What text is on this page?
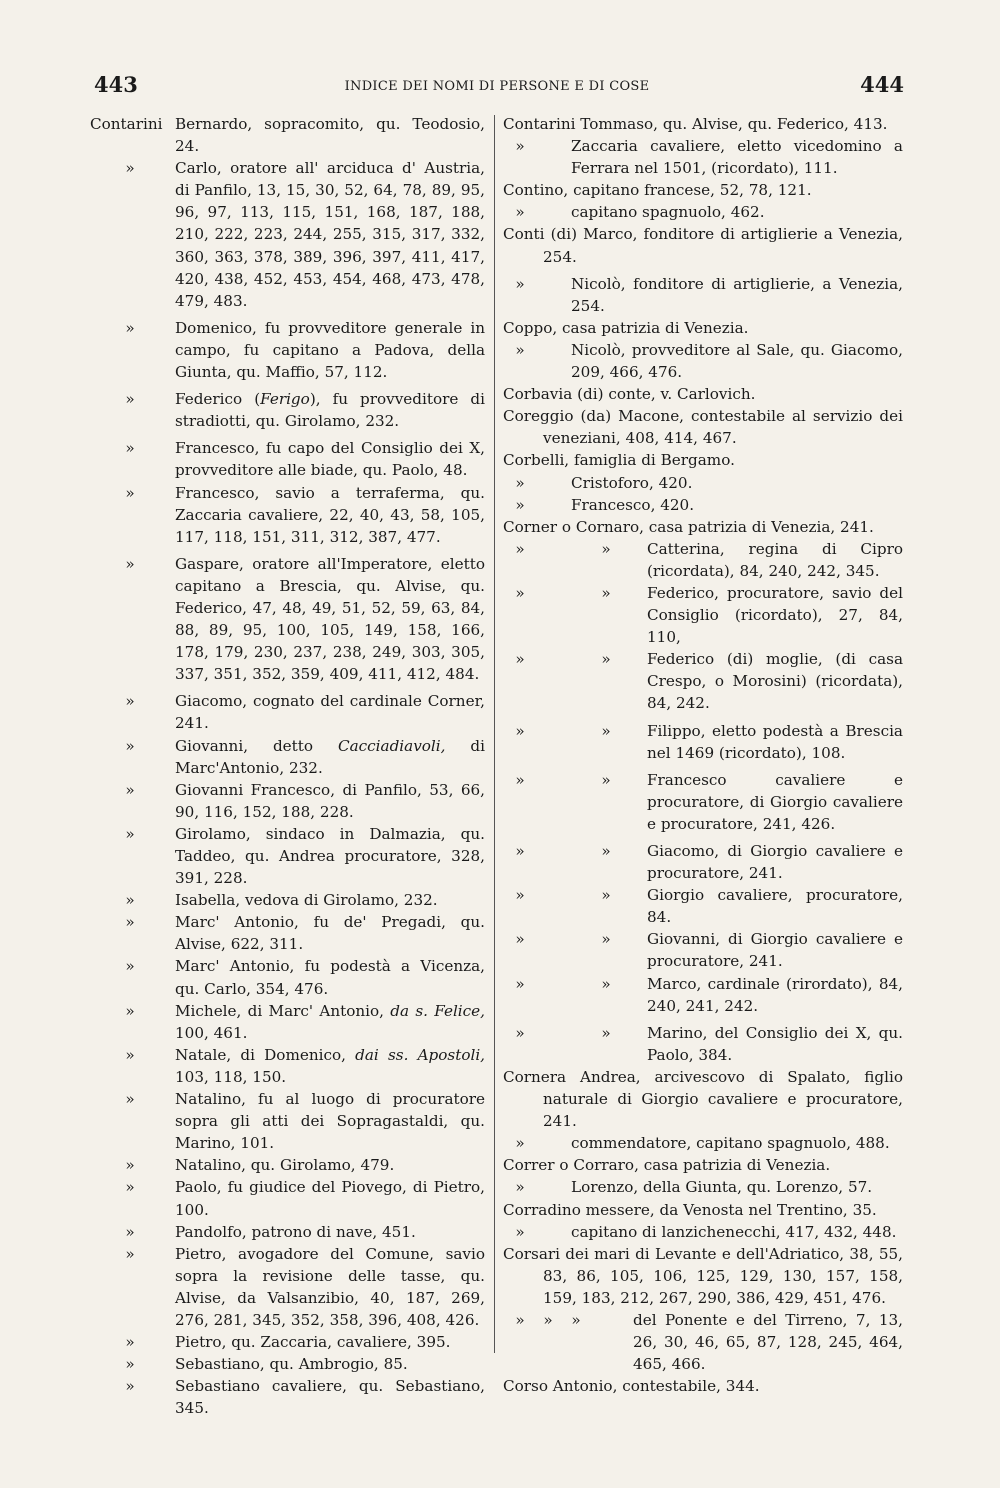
443	INDICE DEI NOMI DI PERSONE E DI COSE	444
Contarini Bernardo, sopracomito, qu. Teodosio, 24.
»	Carlo, oratore all' arciduca d' Austria, di Panfilo, 13, 15, 30, 52, 64, 78, 89, 95, 96, 97, 113, 115, 151, 168, 187, 188, 210, 222, 223, 244, 255, 315, 317, 332, 360, 363, 378, 389, 396, 397, 411, 417, 420, 438, 452, 453, 454, 468, 473, 478, 479, 483.
»	Domenico, fu provveditore generale in campo, fu capitano a Padova, della Giunta, qu. Maffio, 57, 112.
»	Federico (Ferigo), fu provveditore di stradiotti, qu. Girolamo, 232.
»	Francesco, fu capo del Consiglio dei X, provveditore alle biade, qu. Paolo, 48.
»	Francesco, savio a terraferma, qu. Zaccaria cavaliere, 22, 40, 43, 58, 105, 117, 118, 151, 311, 312, 387, 477.
»	Gaspare, oratore all'Imperatore, eletto capitano a Brescia, qu. Alvise, qu. Federico, 47, 48, 49, 51, 52, 59, 63, 84, 88, 89, 95, 100, 105, 149, 158, 166, 178, 179, 230, 237, 238, 249, 303, 305, 337, 351, 352, 359, 409, 411, 412, 484.
»	Giacomo, cognato del cardinale Corner, 241.
»	Giovanni, detto Cacciadiavoli, di Marc'Antonio, 232.
»	Giovanni Francesco, di Panfilo, 53, 66, 90, 116, 152, 188, 228.
»	Girolamo, sindaco in Dalmazia, qu. Taddeo, qu. Andrea procuratore, 328, 391, 228.
»	Isabella, vedova di Girolamo, 232.
»	Marc' Antonio, fu de' Pregadi, qu. Alvise, 622, 311.
»	Marc' Antonio, fu podestà a Vicenza, qu. Carlo, 354, 476.
»	Michele, di Marc' Antonio, da s. Felice, 100, 461.
»	Natale, di Domenico, dai ss. Apostoli, 103, 118, 150.
»	Natalino, fu al luogo di procuratore sopra gli atti dei Sopragastaldi, qu. Marino, 101.
»	Natalino, qu. Girolamo, 479.
»	Paolo, fu giudice del Piovego, di Pietro, 100.
»	Pandolfo, patrono di nave, 451.
»	Pietro, avogadore del Comune, savio sopra la revisione delle tasse, qu. Alvise, da Valsanzibio, 40, 187, 269, 276, 281, 345, 352, 358, 396, 408, 426.
»	Pietro, qu. Zaccaria, cavaliere, 395.
»	Sebastiano, qu. Ambrogio, 85.
»	Sebastiano cavaliere, qu. Sebastiano, 345.
Contarini Tommaso, qu. Alvise, qu. Federico, 413.
»	Zaccaria cavaliere, eletto vicedomino a Ferrara nel 1501, (ricordato), 111.
Contino, capitano francese, 52, 78, 121.
»	capitano spagnuolo, 462.
Conti (di) Marco, fonditore di artiglierie a Venezia, 254.
»	Nicolò, fonditore di artiglierie, a Venezia, 254.
Coppo, casa patrizia di Venezia.
»	Nicolò, provveditore al Sale, qu. Giacomo, 209, 466, 476.
Corbavia (di) conte, v. Carlovich.
Coreggio (da) Macone, contestabile al servizio dei veneziani, 408, 414, 467.
Corbelli, famiglia di Bergamo.
»	Cristoforo, 420.
»	Francesco, 420.
Corner o Cornaro, casa patrizia di Venezia, 241.
»	» Catterina, regina di Cipro (ricordata), 84, 240, 242, 345.
»	» Federico, procuratore, savio del Consiglio (ricordato), 27, 84, 110,
»	» Federico (di) moglie, (di casa Crespo, o Morosini) (ricordata), 84, 242.
»	» Filippo, eletto podestà a Brescia nel 1469 (ricordato), 108.
»	» Francesco cavaliere e procuratore, di Giorgio cavaliere e procuratore, 241, 426.
»	» Giacomo, di Giorgio cavaliere e procuratore, 241.
»	» Giorgio cavaliere, procuratore, 84.
»	» Giovanni, di Giorgio cavaliere e procuratore, 241.
»	» Marco, cardinale (rirordato), 84, 240, 241, 242.
»	» Marino, del Consiglio dei X, qu. Paolo, 384.
Cornera Andrea, arcivescovo di Spalato, figlio naturale di Giorgio cavaliere e procuratore, 241.
»	commendatore, capitano spagnuolo, 488.
Correr o Corraro, casa patrizia di Venezia.
»	Lorenzo, della Giunta, qu. Lorenzo, 57.
Corradino messere, da Venosta nel Trentino, 35.
»	capitano di lanzichenecchi, 417, 432, 448.
Corsari dei mari di Levante e dell'Adriatico, 38, 55, 83, 86, 105, 106, 125, 129, 130, 157, 158, 159, 183, 212, 267, 290, 386, 429, 451, 476.
» » »	del Ponente e del Tirreno, 7, 13, 26, 30, 46, 65, 87, 128, 245, 464, 465, 466.
Corso Antonio, contestabile, 344.
